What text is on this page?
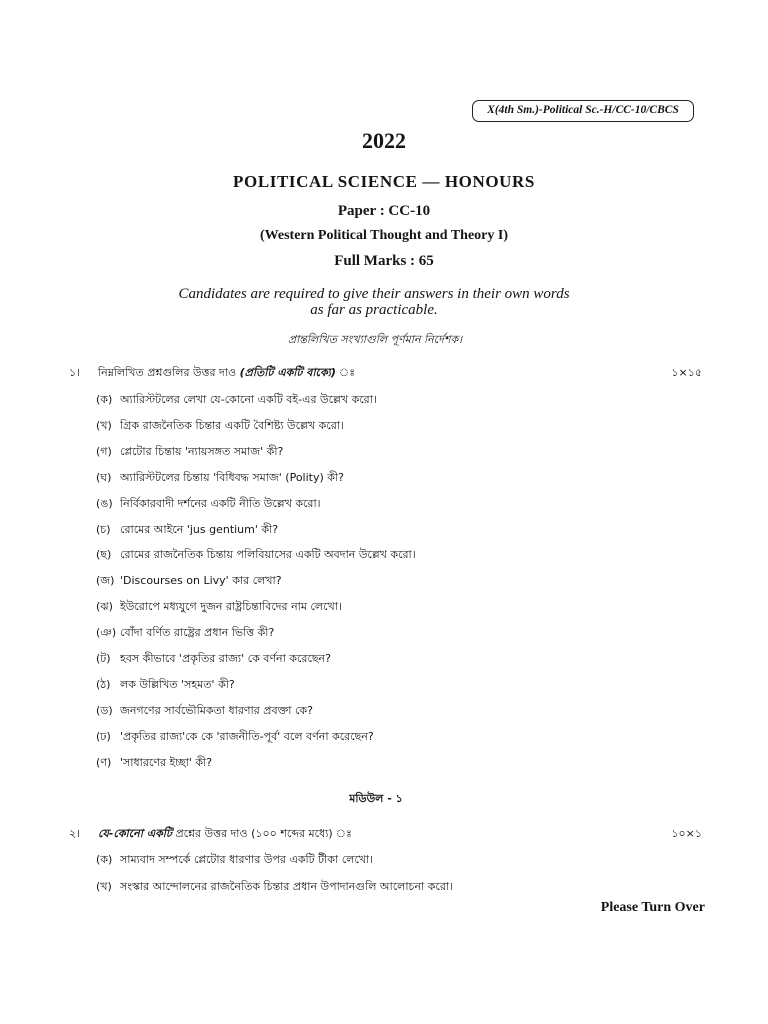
X(4th Sm.)-Political Sc.-H/CC-10/CBCS
2022
POLITICAL SCIENCE — HONOURS
Paper : CC-10
(Western Political Thought and Theory I)
Full Marks : 65
Candidates are required to give their answers in their own words
as far as practicable.
প্রান্তলিখিত সংখ্যাগুলি পূর্ণমান নির্দেশক।
১। নিম্নলিখিত প্রশ্নগুলির উত্তর দাও (প্রতিটি একটি বাক্যে)	১×১৫
(ক) অ্যারিস্টটলের লেখা যে-কোনো একটি বই-এর উল্লেখ করো।
(খ) গ্রিক রাজনৈতিক চিন্তার একটি বৈশিষ্ট্য উল্লেখ করো।
(গ) প্লেটোর চিন্তায় 'ন্যায়সঙ্গত সমাজ' কী?
(ঘ) অ্যারিস্টটলের চিন্তায় 'বিধিবদ্ধ সমাজ' (Polity) কী?
(ঙ) নির্বিকারবাদী দর্শনের একটি নীতি উল্লেখ করো।
(চ) রোমের আইনে 'jus gentium' কী?
(ছ) রোমের রাজনৈতিক চিন্তায় পলিবিয়াসের একটি অবদান উল্লেখ করো।
(জ) 'Discourses on Livy' কার লেখা?
(ঝ) ইউরোপে মধ্যযুগে দুজন রাষ্ট্রচিন্তাবিদের নাম লেখো।
(ঞ) বোঁদা বর্ণিত রাষ্ট্রের প্রধান ভিত্তি কী?
(ট) হবস কীভাবে 'প্রকৃতির রাজ্য' কে বর্ণনা করেছেন?
(ঠ) লক উল্লিখিত 'সহমত' কী?
(ড) জনগণের সার্বভৌমিকতা ধারণার প্রবক্তা কে?
(ঢ) 'প্রকৃতির রাজ্য'কে কে 'রাজনীতি-পূর্ব' বলে বর্ণনা করেছেন?
(ণ) 'সাধারণের ইচ্ছা' কী?
মডিউল - ১
২। যে-কোনো একটি প্রশ্নের উত্তর দাও (১০০ শব্দের মধ্যে) ঃ	১০×১
(ক) সাম্যবাদ সম্পর্কে প্লেটোর ধারণার উপর একটি টীকা লেখো।
(খ) সংস্কার আন্দোলনের রাজনৈতিক চিন্তার প্রধান উপাদানগুলি আলোচনা করো।
Please Turn Over
